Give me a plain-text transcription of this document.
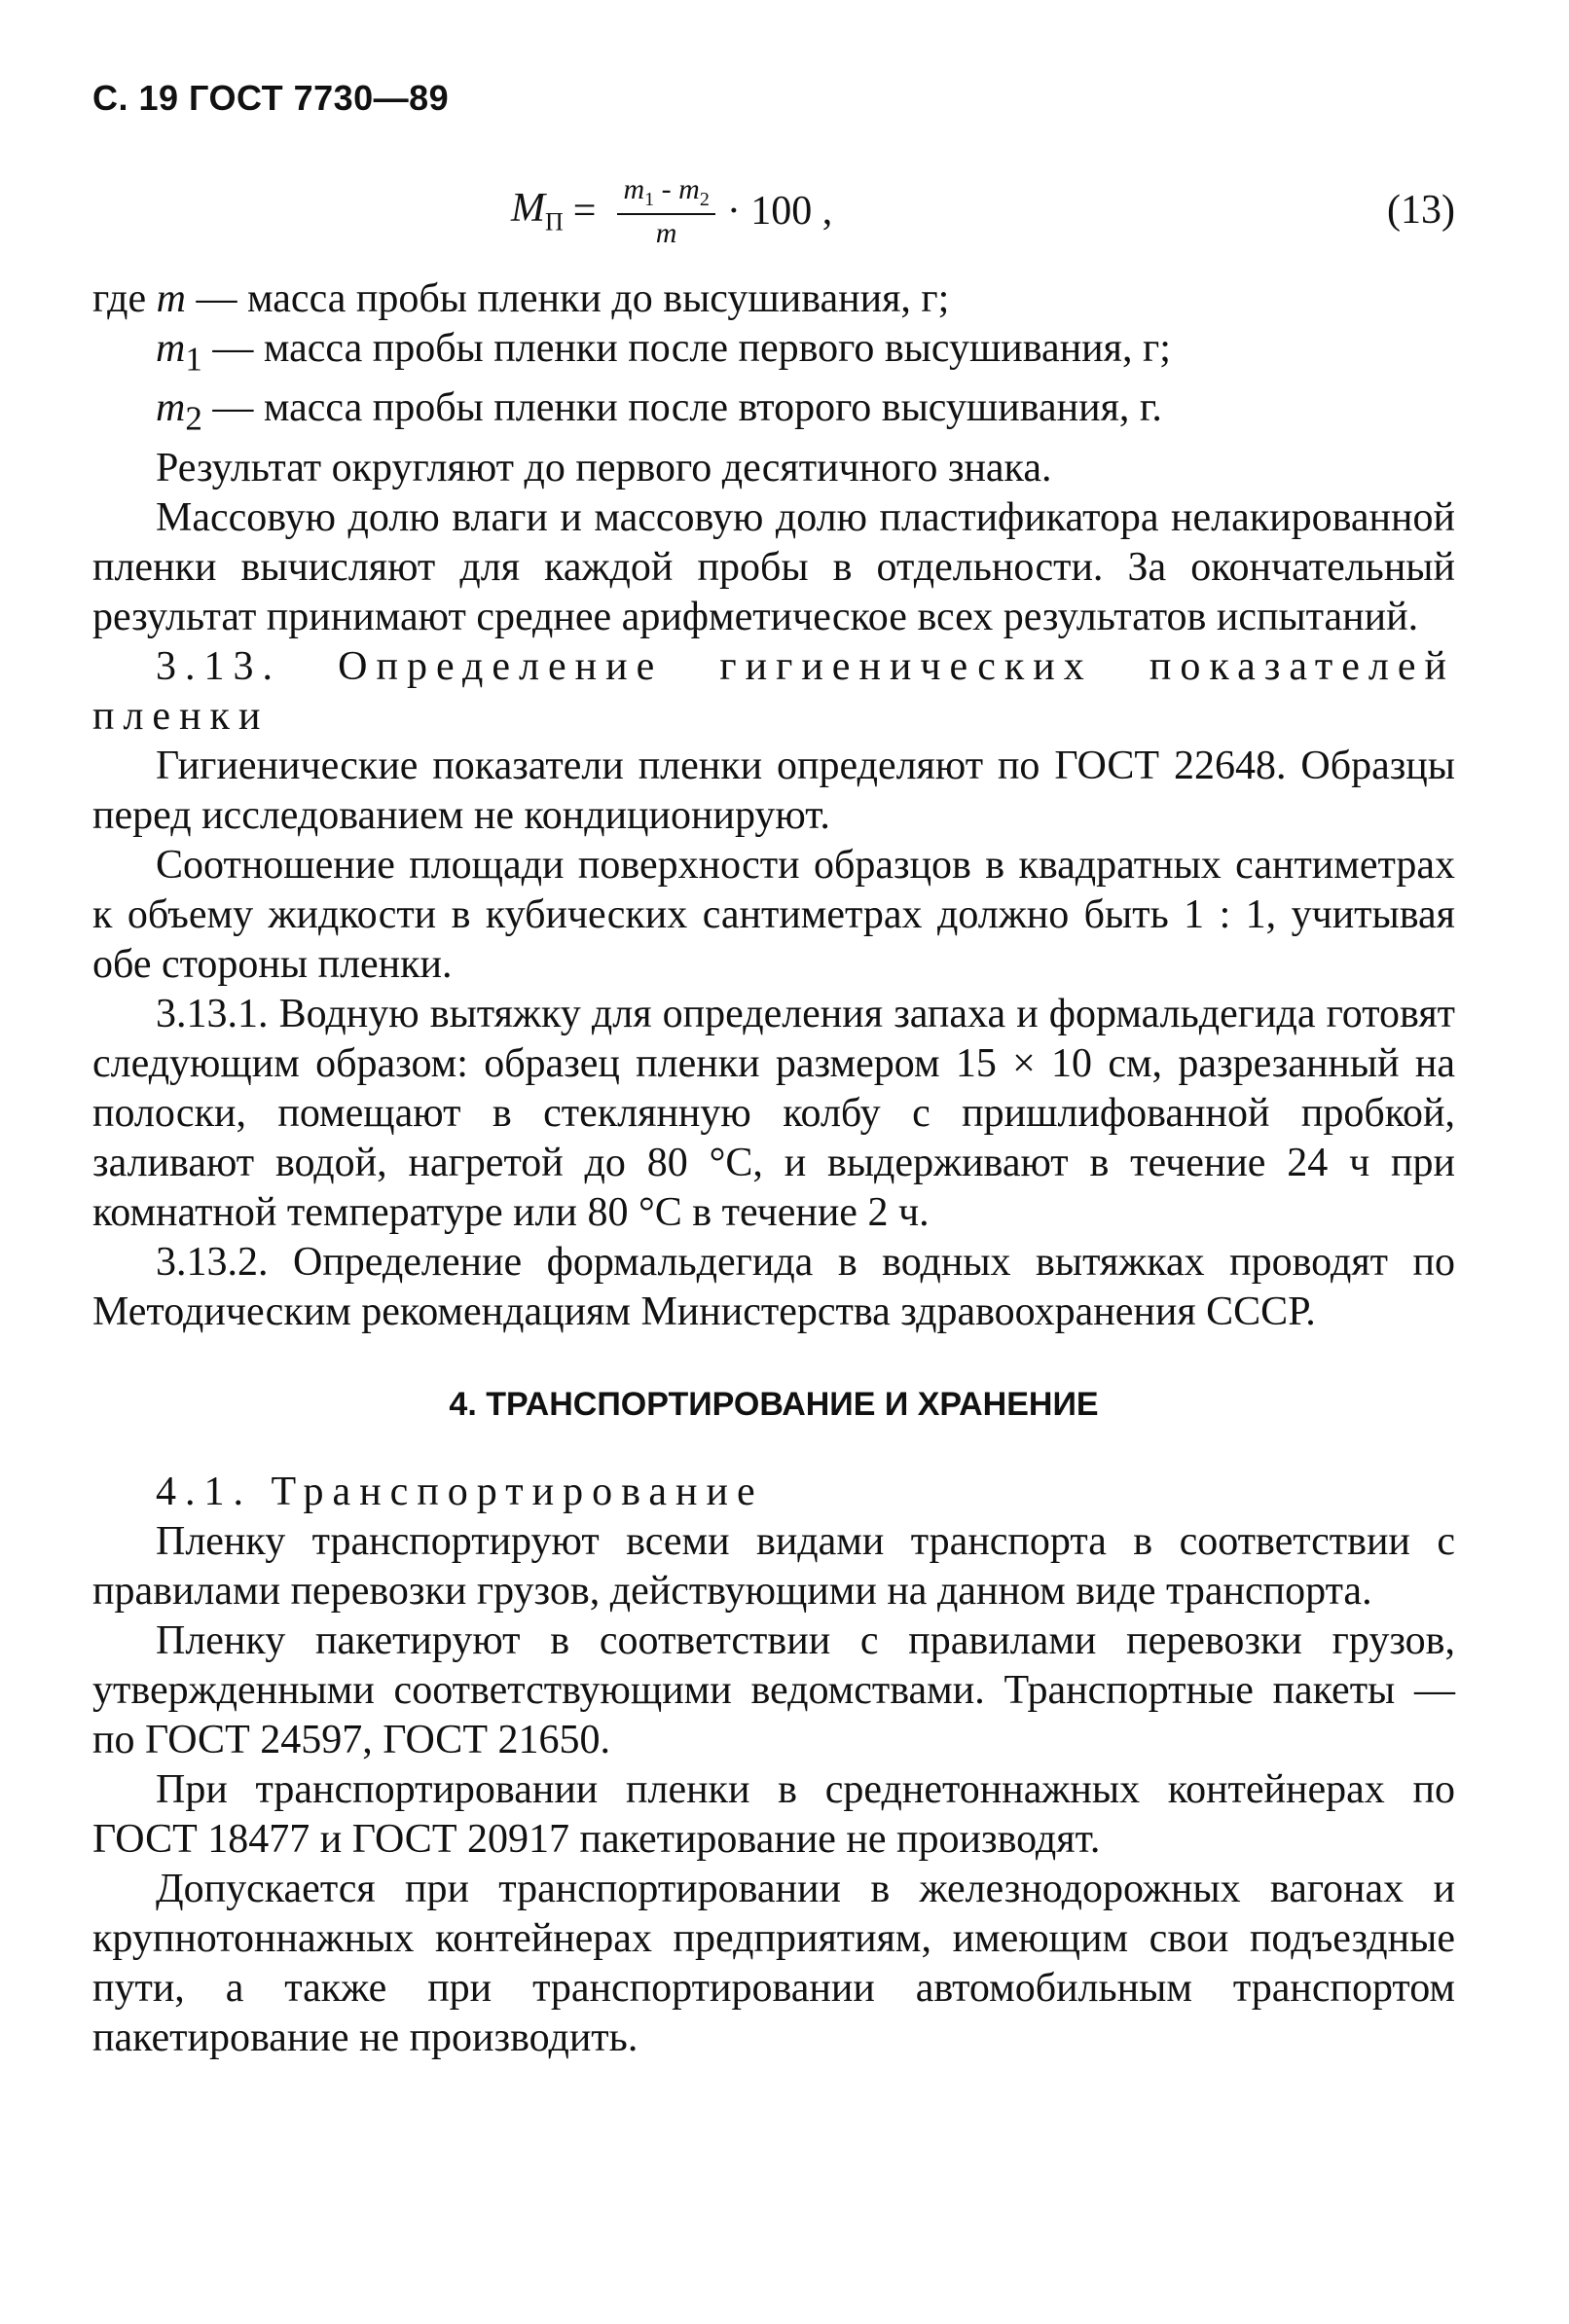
С. 19 ГОСТ 7730—89
$М_П = \frac{m_1 - m_2}{m} \cdot 100$ ,	(13)

где m — масса пробы пленки до высушивания, г;

$m_1$ — масса пробы пленки после первого высушивания, г;

$m_2$ — масса пробы пленки после второго высушивания, г.

Результат округляют до первого десятичного знака.

Массовую долю влаги и массовую долю пластификатора нелакированной пленки вычисляют для каждой пробы в отдельности. За окончательный результат принимают среднее арифметическое всех результатов испытаний.

3.13. Определение гигиенических показателей пленки

Гигиенические показатели пленки определяют по ГОСТ 22648. Образцы перед исследованием не кондиционируют.

Соотношение площади поверхности образцов в квадратных сантиметрах к объему жидкости в кубических сантиметрах должно быть 1 : 1, учитывая обе стороны пленки.

3.13.1. Водную вытяжку для определения запаха и формальдегида готовят следующим образом: образец пленки размером 15 × 10 см, разрезанный на полоски, помещают в стеклянную колбу с пришлифованной пробкой, заливают водой, нагретой до 80 °С, и выдерживают в течение 24 ч при комнатной температуре или 80 °С в течение 2 ч.

3.13.2. Определение формальдегида в водных вытяжках проводят по Методическим рекомендациям Министерства здравоохранения СССР.

4. ТРАНСПОРТИРОВАНИЕ И ХРАНЕНИЕ

4.1. Транспортирование

Пленку транспортируют всеми видами транспорта в соответствии с правилами перевозки грузов, действующими на данном виде транспорта.

Пленку пакетируют в соответствии с правилами перевозки грузов, утвержденными соответствующими ведомствами. Транспортные пакеты — по ГОСТ 24597, ГОСТ 21650.

При транспортировании пленки в среднетоннажных контейнерах по ГОСТ 18477 и ГОСТ 20917 пакетирование не производят.

Допускается при транспортировании в железнодорожных вагонах и крупнотоннажных контейнерах предприятиям, имеющим свои подъездные пути, а также при транспортировании автомобильным транспортом пакетирование не производить.
